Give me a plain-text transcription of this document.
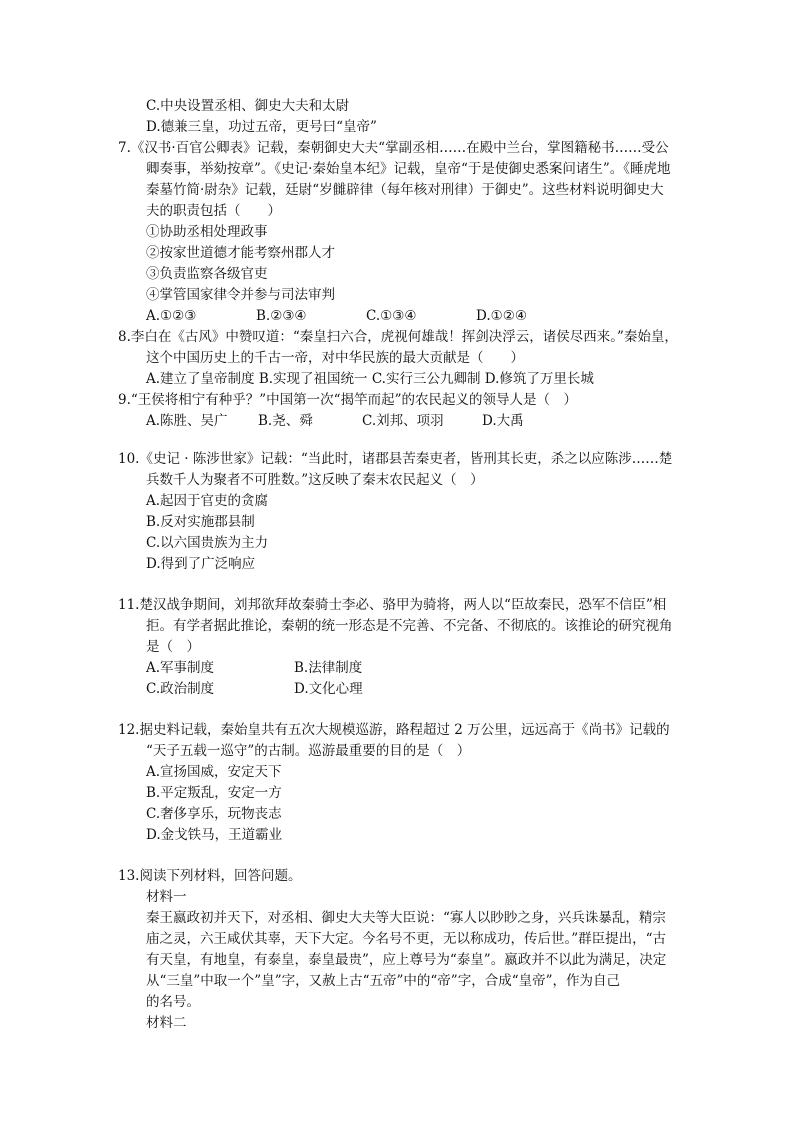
C.中央设置丞相、御史大夫和太尉
D.德兼三皇，功过五帝，更号曰“皇帝”
7.《汉书·百官公卿表》记载，秦朝御史大夫“掌副丞相……在殿中兰台，掌图籍秘书……受公
卿奏事，举劾按章”。《史记·秦始皇本纪》记载，皇帝“于是使御史悉案问诸生”。《睡虎地
秦墓竹简·尉杂》记载，廷尉“岁雠辟律（每年核对刑律）于御史”。这些材料说明御史大
夫的职责包括（　　）
①协助丞相处理政事
②按家世道德才能考察州郡人才
③负责监察各级官吏
④掌管国家律令并参与司法审判
A.①②③	B.②③④	C.①③④	D.①②④
8.李白在《古风》中赞叹道：“秦皇扫六合，虎视何雄哉！挥剑决浮云，诸侯尽西来。”秦始皇，
这个中国历史上的千古一帝，对中华民族的最大贡献是（　　）
A.建立了皇帝制度 B.实现了祖国统一 C.实行三公九卿制 D.修筑了万里长城
9.“王侯将相宁有种乎？”中国第一次“揭竿而起”的农民起义的领导人是（　）
A.陈胜、吴广 B.尧、舜	C.刘邦、项羽	D.大禹
10.《史记 · 陈涉世家》记载：“当此时，诸郡县苦秦吏者，皆刑其长吏，杀之以应陈涉……楚
兵数千人为聚者不可胜数。”这反映了秦末农民起义（　）
A.起因于官吏的贪腐
B.反对实施郡县制
C.以六国贵族为主力
D.得到了广泛响应
11.楚汉战争期间，刘邦欲拜故秦骑士李必、骆甲为骑将，两人以“臣故秦民，恐军不信臣”相
拒。有学者据此推论，秦朝的统一形态是不完善、不完备、不彻底的。该推论的研究视角
是（　）
A.军事制度	B.法律制度
C.政治制度	D.文化心理
12.据史料记载，秦始皇共有五次大规模巡游，路程超过 2 万公里，远远高于《尚书》记载的
“天子五载一巡守”的古制。巡游最重要的目的是（　）
A.宣扬国威，安定天下
B.平定叛乱，安定一方
C.奢侈享乐，玩物丧志
D.金戈铁马，王道霸业
13.阅读下列材料，回答问题。
材料一
秦王嬴政初并天下，对丞相、御史大夫等大臣说：“寡人以眇眇之身，兴兵诛暴乱，精宗
庙之灵，六王咸伏其辜，天下大定。今名号不更，无以称成功，传后世。”群臣提出，“古
有天皇，有地皇，有泰皇，泰皇最贵”，应上尊号为“泰皇”。嬴政并不以此为满足，决定
从“三皇”中取一个”皇”字，又赦上古“五帝”中的“帝”字，合成“皇帝”，作为自己
的名号。
材料二
